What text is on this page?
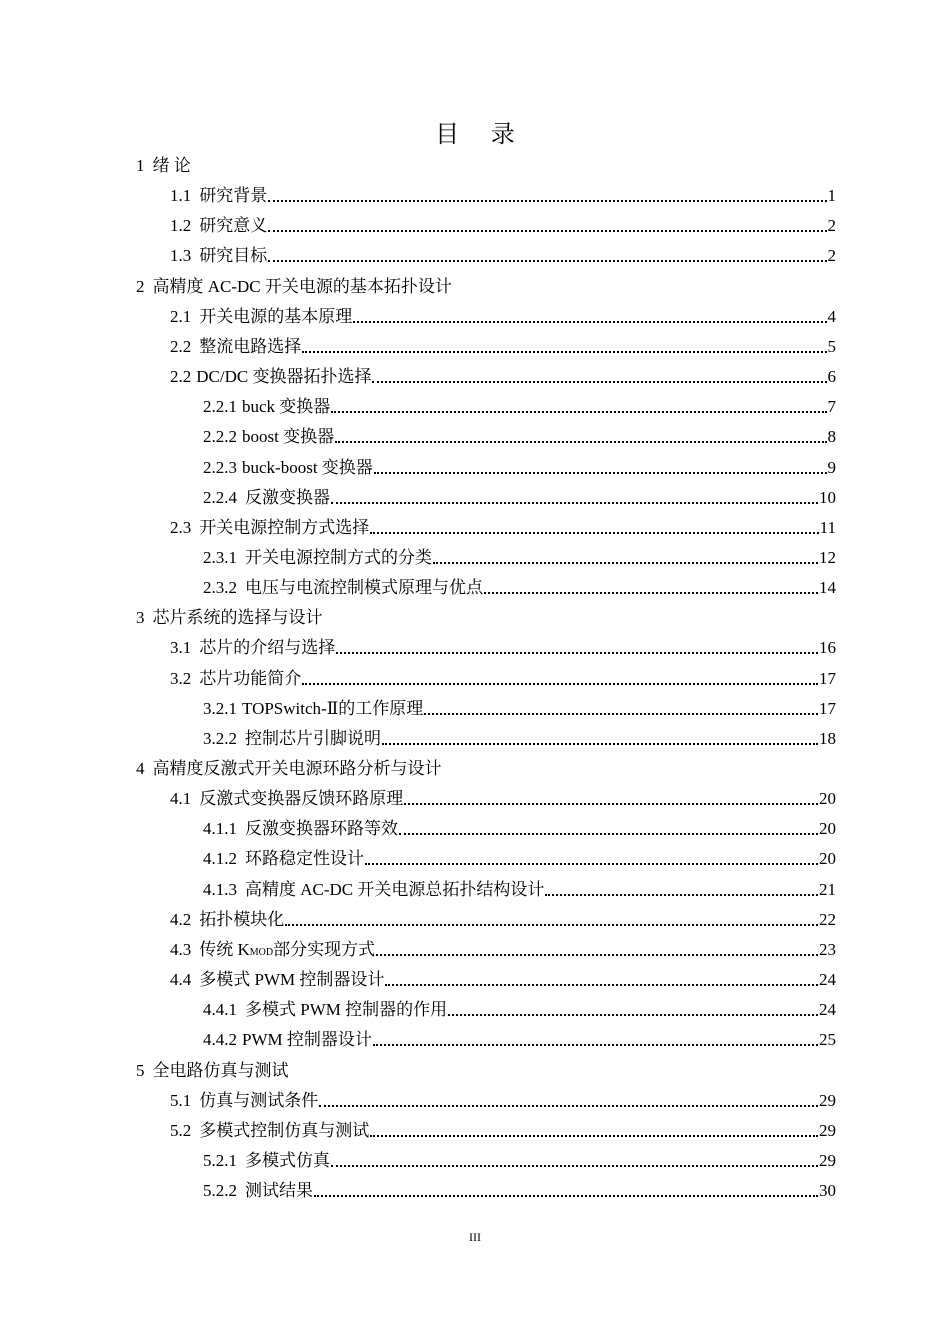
目 录
1 绪 论
1.1 研究背景	1
1.2 研究意义	2
1.3 研究目标	2
2 高精度 AC-DC 开关电源的基本拓扑设计
2.1 开关电源的基本原理	4
2.2 整流电路选择	5
2.2 DC/DC 变换器拓扑选择	6
2.2.1 buck 变换器	7
2.2.2 boost 变换器	8
2.2.3 buck-boost 变换器	9
2.2.4 反激变换器	10
2.3 开关电源控制方式选择	11
2.3.1 开关电源控制方式的分类	12
2.3.2 电压与电流控制模式原理与优点	14
3 芯片系统的选择与设计
3.1 芯片的介绍与选择	16
3.2 芯片功能简介	17
3.2.1 TOPSwitch-Ⅱ的工作原理	17
3.2.2 控制芯片引脚说明	18
4 高精度反激式开关电源环路分析与设计
4.1 反激式变换器反馈环路原理	20
4.1.1 反激变换器环路等效	20
4.1.2 环路稳定性设计	20
4.1.3 高精度 AC-DC 开关电源总拓扑结构设计	21
4.2 拓扑模块化	22
4.3 传统 K MOD 部分实现方式	23
4.4 多模式 PWM 控制器设计	24
4.4.1 多模式 PWM 控制器的作用	24
4.4.2 PWM 控制器设计	25
5 全电路仿真与测试
5.1 仿真与测试条件	29
5.2 多模式控制仿真与测试	29
5.2.1 多模式仿真	29
5.2.2 测试结果	30
III
